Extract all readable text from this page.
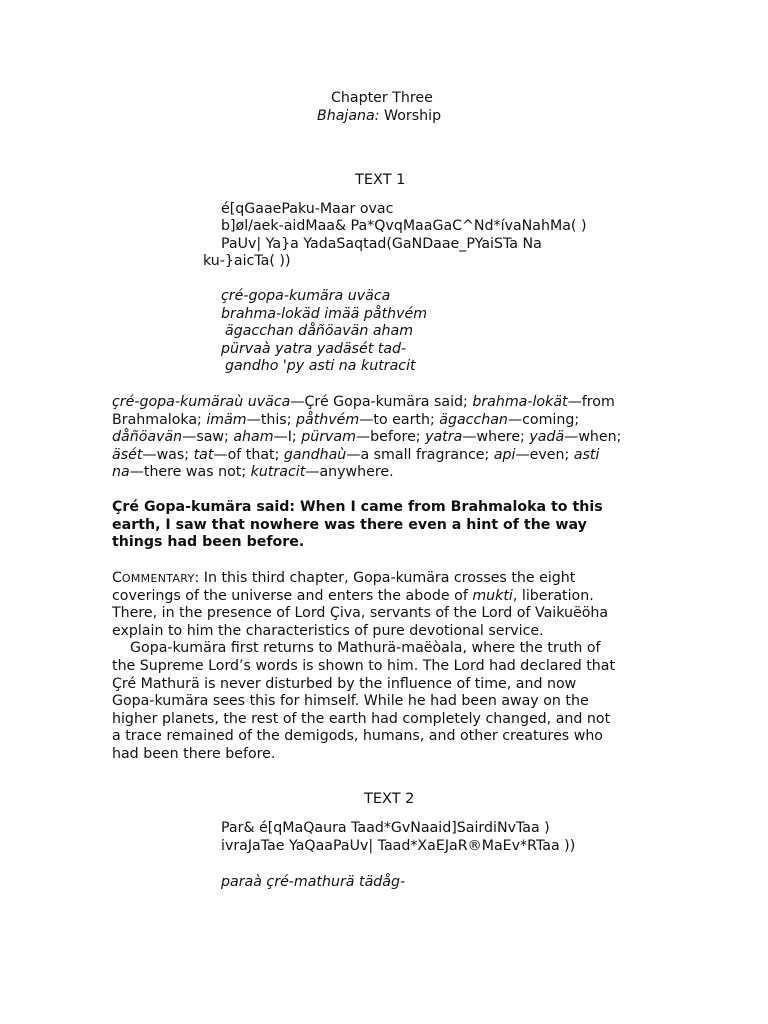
Chapter Three
Bhajana: Worship
TEXT 1
é[qGaaePaku-Maar ovac
b]øl/aek-aidMaa& Pa*QvqMaaGaC^Nd*ívaNahMa( )
PaUv| Ya}a YadaSaqtad(GaNDaae_PYaiSTa Na
ku-}aicTa( ))
çré-gopa-kumära uväca
brahma-lokäd imää påthvém
ägacchan dåñöavän aham
pürvaà yatra yadäsét tad-
gandho 'py asti na kutracit
çré-gopa-kumäraù uväca—Çré Gopa-kumära said; brahma-lokät—from
Brahmaloka; imäm—this; påthvém—to earth; ägacchan—coming;
dåñöavän—saw; aham—I; pürvam—before; yatra—where; yadä—when;
äsét—was; tat—of that; gandhaù—a small fragrance; api—even; asti
na—there was not; kutracit—anywhere.
Çré Gopa-kumära said: When I came from Brahmaloka to this
earth, I saw that nowhere was there even a hint of the way
things had been before.
COMMENTARY: In this third chapter, Gopa-kumära crosses the eight
coverings of the universe and enters the abode of mukti, liberation.
There, in the presence of Lord Çiva, servants of the Lord of Vaikuëöha
explain to him the characteristics of pure devotional service.
Gopa-kumära first returns to Mathurä-maëòala, where the truth of
the Supreme Lord’s words is shown to him. The Lord had declared that
Çré Mathurä is never disturbed by the influence of time, and now
Gopa-kumära sees this for himself. While he had been away on the
higher planets, the rest of the earth had completely changed, and not
a trace remained of the demigods, humans, and other creatures who
had been there before.
TEXT 2
Par& é[qMaQaura Taad*GvNaaid]SairdiNvTaa )
ivraJaTae YaQaaPaUv| Taad*XaEJaR®MaEv*RTaa ))
paraà çré-mathurä tädåg-
